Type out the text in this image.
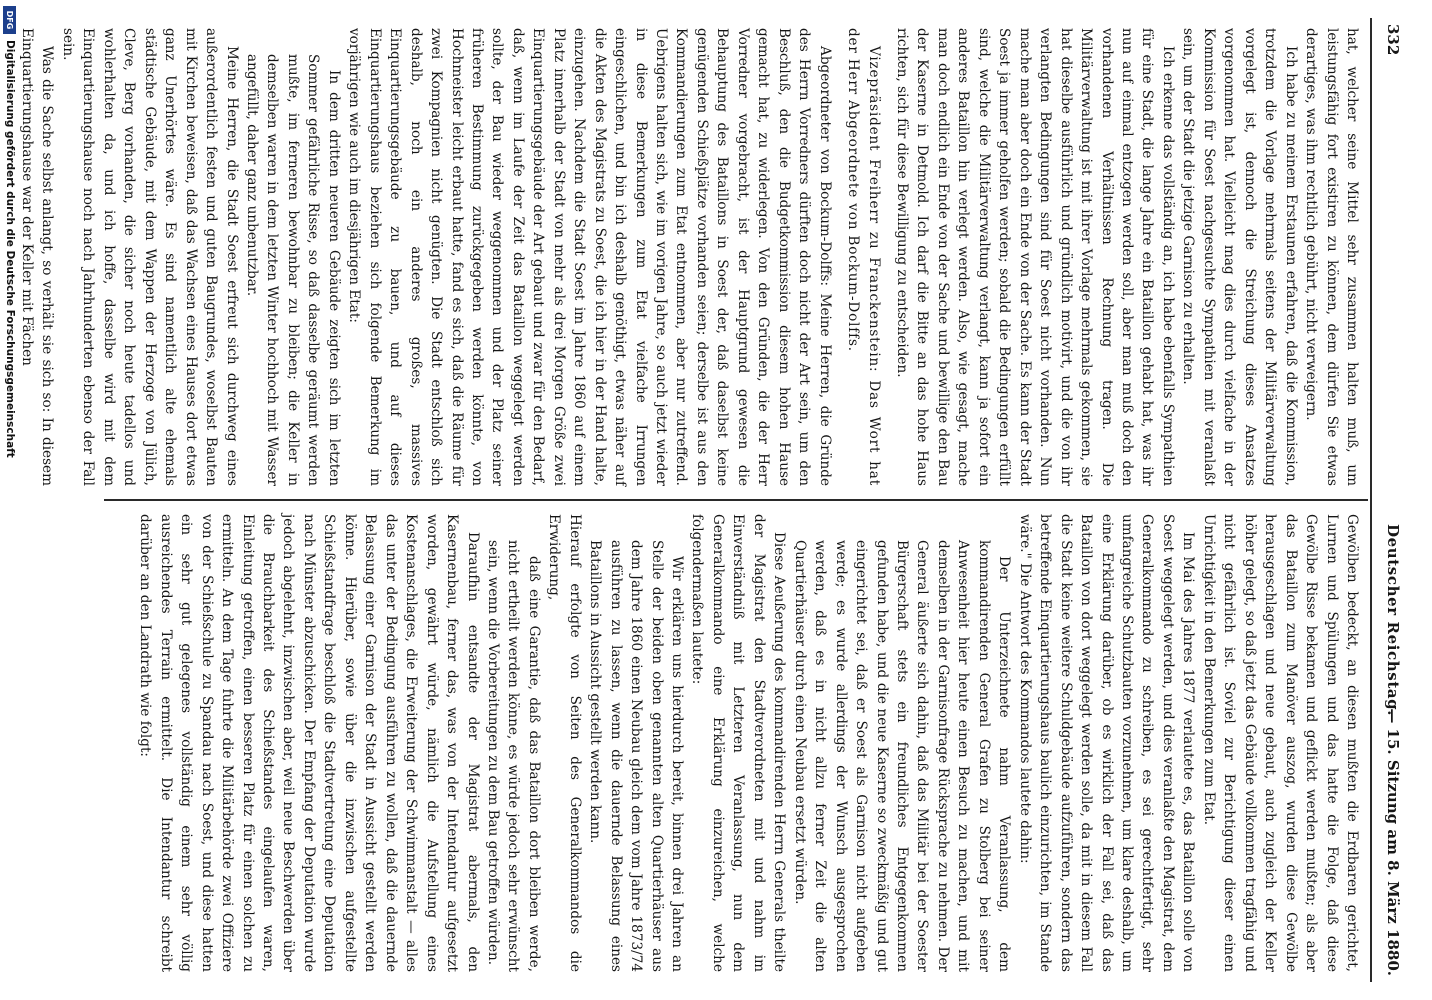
332
Deutscher Reichstag.
— 15. Sitzung am 8. März 1880.

hat, welcher seine Mittel sehr zusammen halten muß, um leistungsfähig fort existiren zu können, dem dürfen Sie etwas derartiges, was ihm rechtlich gebührt, nicht verweigern.

Ich habe zu meinem Erstaunen erfahren, daß die Kommission, trotzdem die Vorlage mehrmals seitens der Militärverwaltung vorgelegt ist, dennoch die Streichung dieses Ansatzes vorgenommen hat. Vielleicht mag dies durch vielfache in der Kommission für Soest nachgesuchte Sympathien mit veranlaßt sein, um der Stadt die jetzige Garnison zu erhalten.

Ich erkenne das vollständig an, ich habe ebenfalls Sympathien für eine Stadt, die lange Jahre ein Bataillon gehabt hat, was ihr nun auf einmal entzogen werden soll, aber man muß doch den vorhandenen Verhältnissen Rechnung tragen. Die Militärverwaltung ist mit ihrer Vorlage mehrmals gekommen, sie hat dieselbe ausführlich und gründlich motivirt, und die von ihr verlangten Bedingungen sind für Soest nicht vorhanden. Nun mache man aber doch ein Ende von der Sache. Es kann der Stadt Soest ja immer geholfen werden; sobald die Bedingungen erfüllt sind, welche die Militärverwaltung verlangt, kann ja sofort ein anderes Bataillon hin verlegt werden. Also, wie gesagt, mache man doch endlich ein Ende von der Sache und bewillige den Bau der Kaserne in Detmold. Ich darf die Bitte an das hohe Haus richten, sich für diese Bewilligung zu entscheiden.

Vizepräsident Freiherr zu Franckenstein: Das Wort hat der Herr Abgeordnete von Bockum-Dolffs.

Abgeordneter von Bockum-Dolffs: Meine Herren, die Gründe des Herrn Vorredners dürften doch nicht der Art sein, um den Beschluß, den die Budgetkommission diesem hohen Hause gemacht hat, zu widerlegen. Von den Gründen, die der Herr Vorredner vorgebracht, ist der Hauptgrund gewesen die Behauptung des Bataillons in Soest der, daß daselbst keine genügenden Schießplätze vorhanden seien; derselbe ist aus den Kommandierungen zum Etat entnommen, aber nur zutreffend. Uebrigens halten sich, wie im vorigen Jahre, so auch jetzt wieder in diese Bemerkungen zum Etat vielfache Irrungen eingeschlichen, und bin ich deshalb genöthigt, etwas näher auf die Akten des Magistrats zu Soest, die ich hier in der Hand halte, einzugehen. Nachdem die Stadt Soest im Jahre 1860 auf einem Platz innerhalb der Stadt von mehr als drei Morgen Größe zwei Einquartierungsgebäude der Art gebaut und zwar für den Bedarf, daß, wenn im Laufe der Zeit das Bataillon weggelegt werden sollte, der Bau wieder weggenommen und der Platz seiner früheren Bestimmung zurückgegeben werden könnte, von Hochmeister leicht erbaut hatte, fand es sich, daß die Räume für zwei Kompagnien nicht genügten. Die Stadt entschloß sich deshalb, noch ein anderes großes, massives Einquartierungsgebäude zu bauen, und auf dieses Einquartierungshaus beziehen sich folgende Bemerkung im vorjährigen wie auch im diesjährigen Etat:

In dem dritten neueren Gebäude zeigten sich im letzten Sommer gefährliche Risse, so daß dasselbe geräumt werden mußte, im ferneren bewohnbar zu bleiben; die Keller in demselben waren in dem letzten Winter hochhoch mit Wasser angefüllt, daher ganz unbenutzbar.

Meine Herren, die Stadt Soest erfreut sich durchweg eines außerordentlich festen und guten Baugrundes, woselbst Bauten mit Kirchen beweisen, daß das Wachsen eines Hauses dort etwas ganz Unerhörtes wäre. Es sind namentlich alte ehemals städtische Gebäude, mit dem Wappen der Herzoge von Jülich, Cleve, Berg vorhanden, die sicher noch heute tadellos und wohlerhalten da, und ich hoffe, dasselbe wird mit dem Einquartierungshause noch nach Jahrhunderten ebenso der Fall sein.

Was die Sache selbst anlangt, so verhält sie sich so: In diesem Einquartierungshause war der Keller mit Fächen

Gewölben bedeckt, an diesen mußten die Erdbaren gerichtet, Lurnen und Spülungen und das hatte die Folge, daß diese Gewölbe Risse bekamen und geflickt werden mußten; als aber das Bataillon zum Manöver auszog, wurden diese Gewölbe herausgeschlagen und neue gebaut, auch zugleich der Keller höher gelegt, so daß jetzt das Gebäude vollkommen tragfähig und nicht gefährlich ist. Soviel zur Berichtigung dieser einen Unrichtigkeit in den Bemerkungen zum Etat.

Im Mai des Jahres 1877 verlautete es, das Bataillon solle von Soest weggelegt werden, und dies veranlaßte den Magistrat, dem Generalkommando zu schreiben, es sei gerechtfertigt, sehr umfangreiche Schutzbauten vorzunehmen, um klare deshalb, um eine Erklärung darüber, ob es wirklich der Fall sei, daß das Bataillon von dort weggelegt werden solle, da mit in diesem Fall die Stadt keine weitere Schuldgebäude aufzuführen, sondern das betreffende Einquartierungshaus baulich einzurichten, im Stande wäre." Die Antwort des Kommandos lautete dahin:

Der Unterzeichnete nahm Veranlassung, dem kommandirenden General Grafen zu Stolberg bei seiner Anwesenheit hier heute einen Besuch zu machen, und mit demselben in der Garnisonfrage Rücksprache zu nehmen. Der General äußerte sich dahin, daß das Militär bei der Soester Bürgerschaft stets ein freundliches Entgegenkommen gefunden habe, und die neue Kaserne so zweckmäßig und gut eingerichtet sei, daß er Soest als Garnison nicht aufgeben werde; es wurde allerdings der Wunsch ausgesprochen werden, daß es in nicht allzu ferner Zeit die alten Quartierhäuser durch einen Neubau ersetzt würden.

Diese Aeußerung des kommandirenden Herrn Generals theilte der Magistrat den Stadtverordneten mit und nahm im Einverständniß mit Letzteren Veranlassung, nun dem Generalkommando eine Erklärung einzureichen, welche folgendermaßen lautete:

Wir erklären uns hierdurch bereit, binnen drei Jahren an Stelle der beiden oben genannten alten Quartierhäuser aus dem Jahre 1860 einen Neubau gleich dem vom Jahre 1873/74 ausführen zu lassen, wenn die dauernde Belassung eines Bataillons in Aussicht gestellt werden kann.

Hierauf erfolgte von Seiten des Generalkommandos die Erwiderung,

daß eine Garantie, daß das Bataillon dort bleiben werde, nicht ertheilt werden könne, es würde jedoch sehr erwünscht sein, wenn die Vorbereitungen zu dem Bau getroffen würden.

Daraufhin entsandte der Magistrat abermals, den Kasernenbau, ferner das, was von der Intendantur aufgesetzt worden, gewährt würde, nämlich die Aufstellung eines Kostenanschlages, die Erweiterung der Schwimmanstalt — alles das unter der Bedingung ausführen zu wollen, daß die dauernde Belassung einer Garnison der Stadt in Aussicht gestellt werden könne. Hierüber, sowie über die inzwischen aufgestellte Schießstandfrage beschloß die Stadtvertretung eine Deputation nach Münster abzuschicken. Der Empfang der Deputation wurde jedoch abgelehnt, inzwischen aber, weil neue Beschwerden über die Brauchbarkeit des Schießstandes eingelaufen waren, Einleitung getroffen, einen besseren Platz für einen solchen zu ermitteln. An dem Tage fuhrte die Militärbehörde zwei Offiziere von der Schießschule zu Spandau nach Soest, und diese hatten ein sehr gut gelegenes vollständig einem sehr völlig ausreichendes Terrain ermittelt. Die Intendantur schreibt darüber an den Landrath wie folgt:

DFG
Digitalisierung gefördert durch die Deutsche Forschungsgemeinschaft
